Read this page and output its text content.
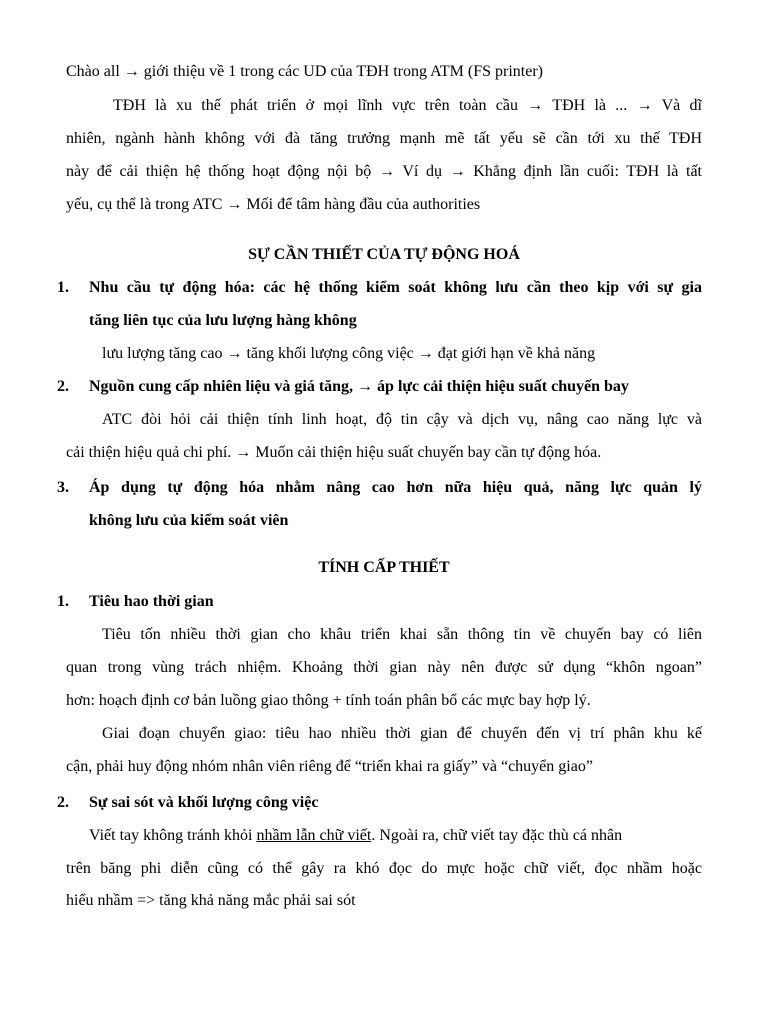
Chào all → giới thiệu về 1 trong các UD của TĐH trong ATM (FS printer)
TĐH là xu thế phát triển ở mọi lĩnh vực trên toàn cầu → TĐH là ... → Và dĩ
nhiên, ngành hành không với đà tăng trưởng mạnh mẽ tất yếu sẽ cần tới xu thế TĐH
này để cải thiện hệ thống hoạt động nội bộ → Ví dụ → Khẳng định lần cuối: TĐH là tất
yếu, cụ thể là trong ATC → Mối để tâm hàng đầu của authorities
SỰ CẦN THIẾT CỦA TỰ ĐỘNG HOÁ
1. Nhu cầu tự động hóa: các hệ thống kiểm soát không lưu cần theo kịp với sự gia
tăng liên tục của lưu lượng hàng không
lưu lượng tăng cao → tăng khối lượng công việc → đạt giới hạn về khả năng
2. Nguồn cung cấp nhiên liệu và giá tăng, → áp lực cải thiện hiệu suất chuyến bay
ATC đòi hỏi cải thiện tính linh hoạt, độ tin cậy và dịch vụ, nâng cao năng lực và
cải thiện hiệu quả chi phí. → Muốn cải thiện hiệu suất chuyến bay cần tự động hóa.
3. Áp dụng tự động hóa nhằm nâng cao hơn nữa hiệu quả, năng lực quản lý
không lưu của kiểm soát viên
TÍNH CẤP THIẾT
1. Tiêu hao thời gian
Tiêu tốn nhiều thời gian cho khâu triển khai sẵn thông tin về chuyến bay có liên
quan trong vùng trách nhiệm. Khoảng thời gian này nên được sử dụng “khôn ngoan”
hơn: hoạch định cơ bản luồng giao thông + tính toán phân bổ các mực bay hợp lý.
Giai đoạn chuyển giao: tiêu hao nhiều thời gian để chuyển đến vị trí phân khu kế
cận, phải huy động nhóm nhân viên riêng để “triển khai ra giấy” và “chuyển giao”
2. Sự sai sót và khối lượng công việc
Viết tay không tránh khỏi nhầm lẫn chữ viết. Ngoài ra, chữ viết tay đặc thù cá nhân
trên băng phi diễn cũng có thể gây ra khó đọc do mực hoặc chữ viết, đọc nhầm hoặc
hiểu nhầm => tăng khả năng mắc phải sai sót
